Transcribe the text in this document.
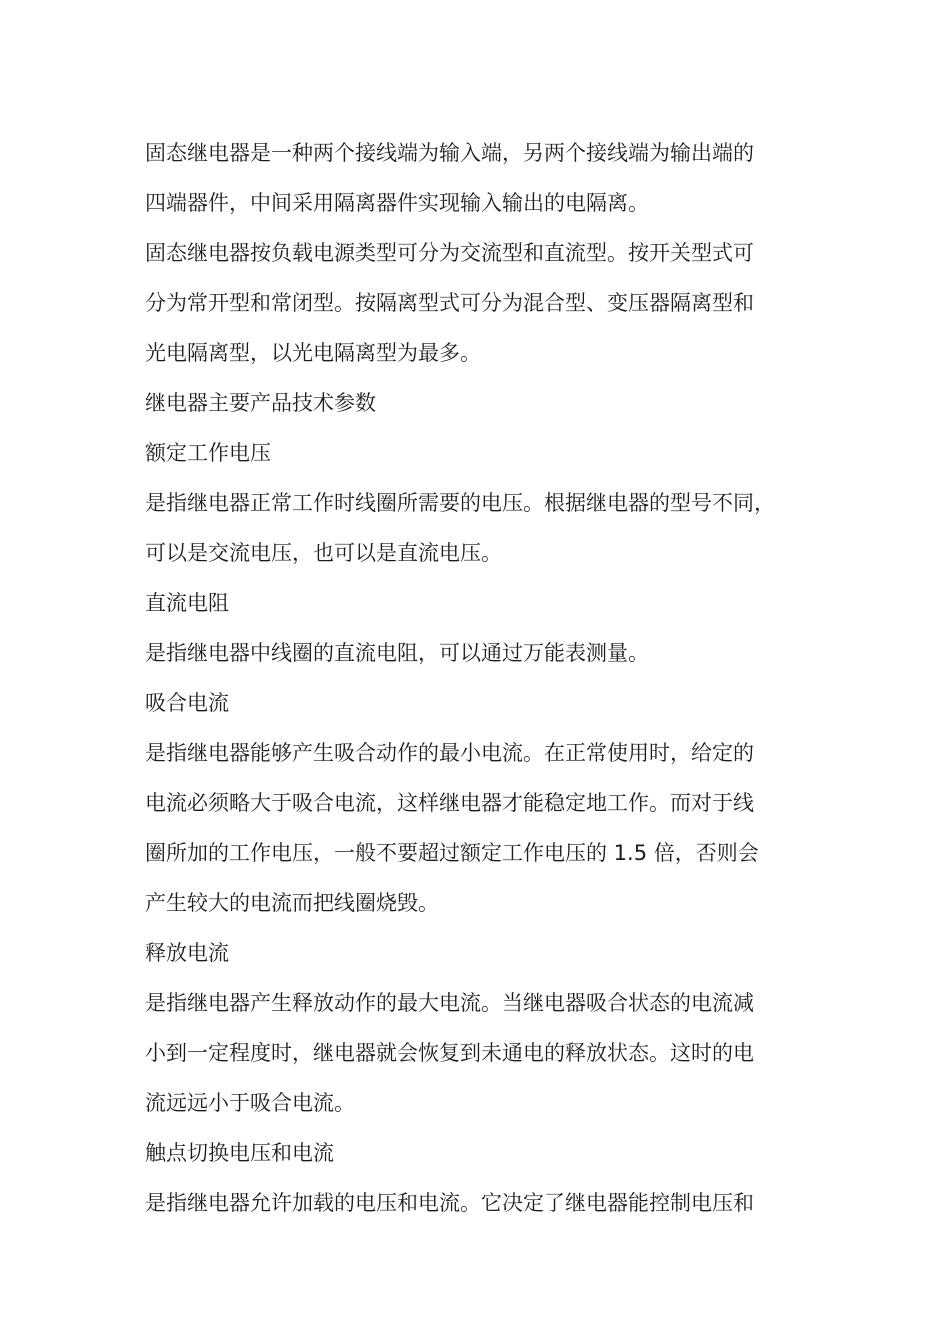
固态继电器是一种两个接线端为输入端，另两个接线端为输出端的
四端器件，中间采用隔离器件实现输入输出的电隔离。
固态继电器按负载电源类型可分为交流型和直流型。按开关型式可
分为常开型和常闭型。按隔离型式可分为混合型、变压器隔离型和
光电隔离型，以光电隔离型为最多。
继电器主要产品技术参数
额定工作电压
是指继电器正常工作时线圈所需要的电压。根据继电器的型号不同，
可以是交流电压，也可以是直流电压。
直流电阻
是指继电器中线圈的直流电阻，可以通过万能表测量。
吸合电流
是指继电器能够产生吸合动作的最小电流。在正常使用时，给定的
电流必须略大于吸合电流，这样继电器才能稳定地工作。而对于线
圈所加的工作电压，一般不要超过额定工作电压的 1.5 倍，否则会
产生较大的电流而把线圈烧毁。
释放电流
是指继电器产生释放动作的最大电流。当继电器吸合状态的电流减
小到一定程度时，继电器就会恢复到未通电的释放状态。这时的电
流远远小于吸合电流。
触点切换电压和电流
是指继电器允许加载的电压和电流。它决定了继电器能控制电压和
